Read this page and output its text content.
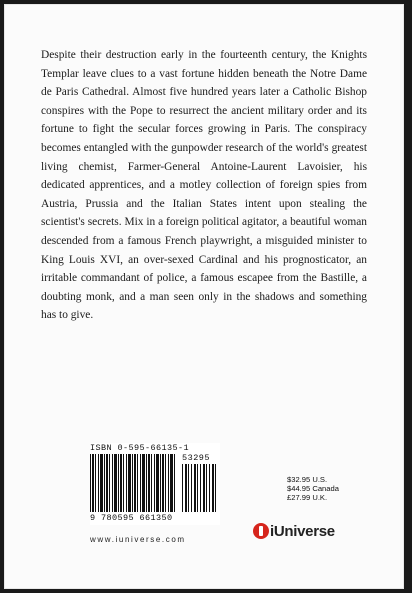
Despite their destruction early in the fourteenth century, the Knights Templar leave clues to a vast fortune hidden beneath the Notre Dame de Paris Cathedral. Almost five hundred years later a Catholic Bishop conspires with the Pope to resurrect the ancient military order and its fortune to fight the secular forces growing in Paris. The conspiracy becomes entangled with the gunpowder research of the world's greatest living chemist, Farmer-General Antoine-Laurent Lavoisier, his dedicated apprentices, and a motley collection of foreign spies from Austria, Prussia and the Italian States intent upon stealing the scientist's secrets. Mix in a foreign political agitator, a beautiful woman descended from a famous French playwright, a misguided minister to King Louis XVI, an over-sexed Cardinal and his prognosticator, an irritable commandant of police, a famous escapee from the Bastille, a doubting monk, and a man seen only in the shadows and something has to give.

ISBN 0-595-66135-1
53295
9 780595 661350
www.iuniverse.com
$32.95 U.S.
$44.95 Canada
£27.99 U.K.
iUniverse
